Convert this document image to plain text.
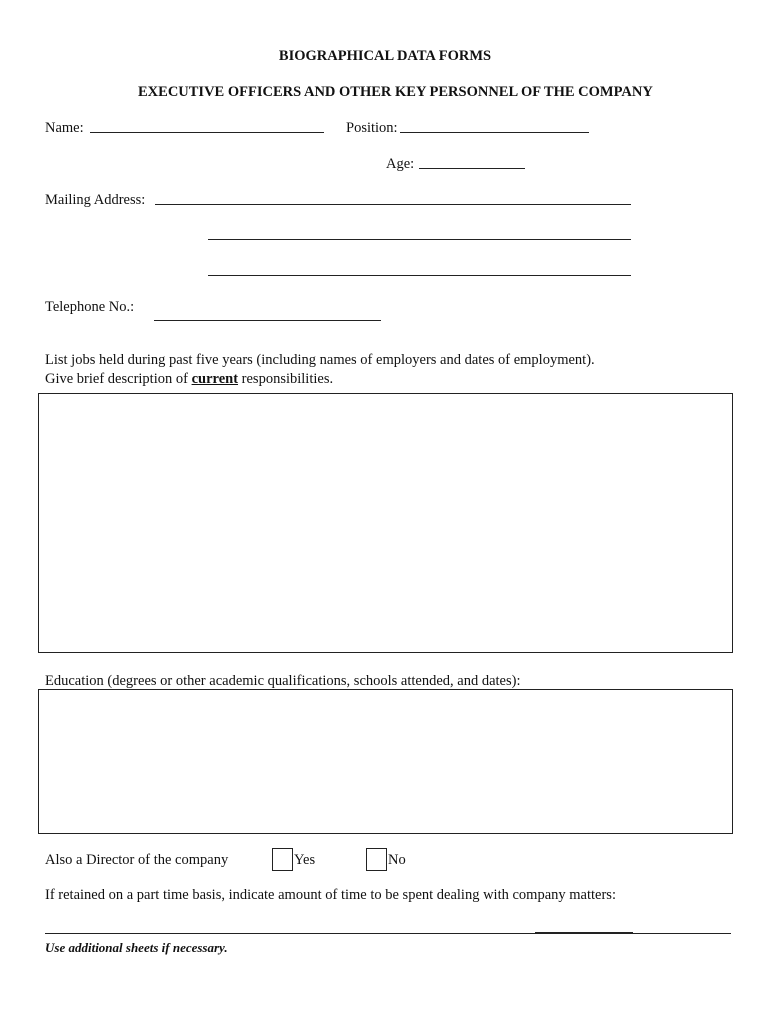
BIOGRAPHICAL DATA FORMS
EXECUTIVE OFFICERS AND OTHER KEY PERSONNEL OF THE COMPANY
Name:	Position:
Age:
Mailing Address:
Telephone No.:
List jobs held during past five years (including names of employers and dates of employment).
Give brief description of current responsibilities.
Education (degrees or other academic qualifications, schools attended, and dates):
Also a Director of the company	Yes	No
If retained on a part time basis, indicate amount of time to be spent dealing with company matters:
Use additional sheets if necessary.
